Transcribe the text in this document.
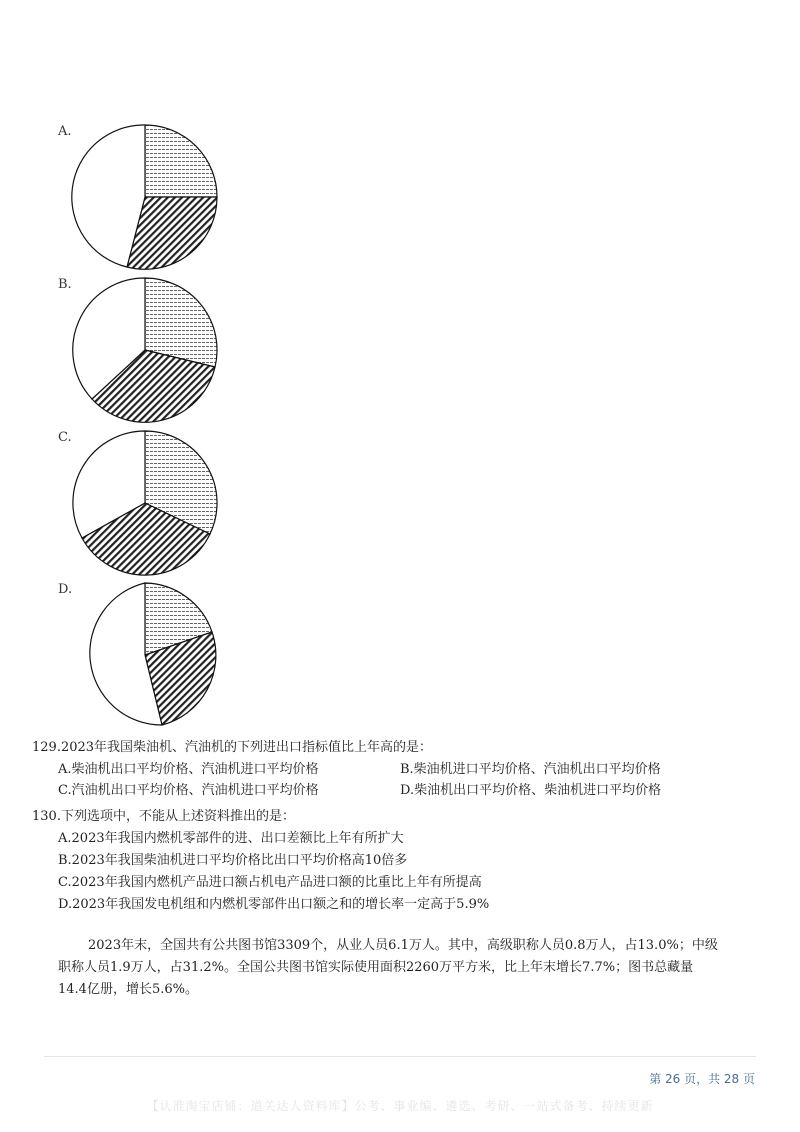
A.
B.
C.
D.
129.2023年我国柴油机、汽油机的下列进出口指标值比上年高的是：
A.柴油机出口平均价格、汽油机进口平均价格	B.柴油机进口平均价格、汽油机出口平均价格
C.汽油机出口平均价格、汽油机进口平均价格	D.柴油机出口平均价格、柴油机进口平均价格
130.下列选项中，不能从上述资料推出的是：
A.2023年我国内燃机零部件的进、出口差额比上年有所扩大
B.2023年我国柴油机进口平均价格比出口平均价格高10倍多
C.2023年我国内燃机产品进口额占机电产品进口额的比重比上年有所提高
D.2023年我国发电机组和内燃机零部件出口额之和的增长率一定高于5.9%
2023年末，全国共有公共图书馆3309个，从业人员6.1万人。其中，高级职称人员0.8万人，占13.0%；中级
职称人员1.9万人，占31.2%。全国公共图书馆实际使用面积2260万平方米，比上年末增长7.7%；图书总藏量
14.4亿册，增长5.6%。
第 26 页，共 28 页
【认准淘宝店铺：道关达人资料库】公考、事业编、遴选、考研、一站式备考、持续更新
